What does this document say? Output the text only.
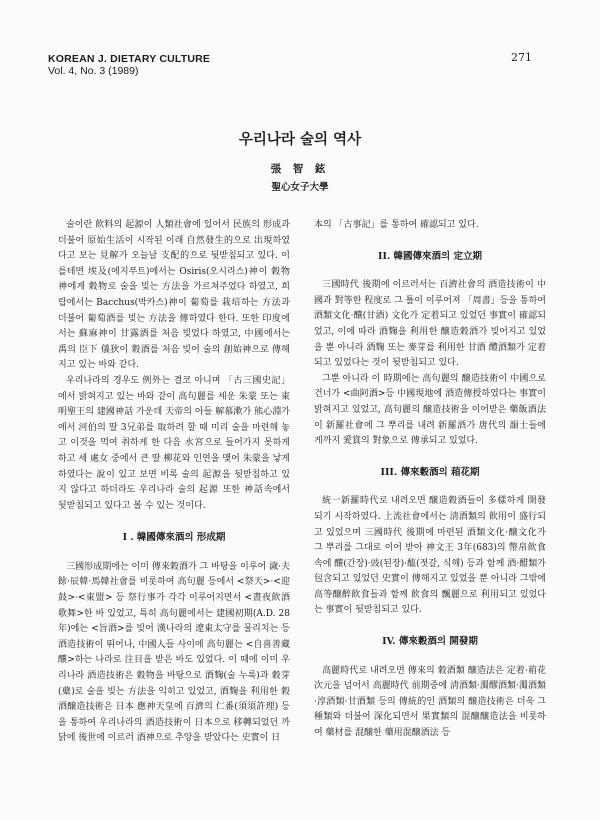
KOREAN J. DIETARY CULTURE
Vol. 4, No. 3 (1989)
271
우리나라 술의 역사
張 智 鉉
聖心女子大學

술이란 飮料의 起源이 人類社會에 있어서 民族의 形成과 더불어 原始生活이 시작된 이래 自然發生的으로 出現하였다고 보는 見解가 오늘날 支配的으로 뒷받침되고 있다. 이를테면 埃及(에지푸트)에서는 Osiris(오시리스)神이 穀物神에게 穀物로 술을 빚는 方法을 가르쳐주었다 하였고, 희랍에서는 Bacchus(박카스)神이 葡萄를 栽培하는 方法과 더불어 葡萄酒를 빚는 方法을 傳하였다 한다. 또한 印度에서는 蘇麻神이 甘露酒를 처음 빚었다 하였고, 中國에서는 禹의 臣下 儀狄이 穀酒를 처음 빚어 술의 創始神으로 傳해지고 있는 바와 같다.

우리나라의 경우도 例外는 결코 아니며 「古三國史記」에서 밝혀지고 있는 바와 같이 高句麗를 세운 朱蒙 또는 東明聖王의 建國神話 가운데 天帝의 아들 解慕漱가 熊心淵가에서 河伯의 딸 3兄弟를 取하려 할 때 미리 술을 마련해 놓고 이것을 먹여 취하게 한 다음 水宮으로 들어가지 못하게 하고 세 處女 중에서 큰 딸 柳花와 인연을 맺어 朱蒙을 낳게 하였다는 說이 있고 보면 비록 술의 起源을 뒷받침하고 있지 않다고 하더라도 우리나라 술의 起源 또한 神話속에서 뒷받침되고 있다고 볼 수 있는 것이다.

I . 韓國傳來酒의 形成期

三國形成期에는 이미 傳來穀酒가 그 바탕을 이루어 濊·夫餘·辰韓·馬韓社會를 비롯하여 高句麗 등에서 <祭天>·<迎鼓>·<東盟> 등 祭行事가 각각 이루어지면서 <晝夜飮酒歌舞>한 바 있었고, 특히 高句麗에서는 建國初期(A.D. 28年)에는 <旨酒>를 빚어 漢나라의 遼東太守를 물리치는 등 酒造技術이 뛰어나, 中國人들 사이에 高句麗는 <自喜善藏釀>하는 나라로 注目을 받은 바도 있었다. 이 때에 이미 우리나라 酒造技術은 穀物을 바탕으로 酒麴(술 누룩)과 穀芽(蘗)로 술을 빚는 方法을 익히고 있었고, 酒麴을 利用한 穀酒醸造技術은 日本 應神天皇에 百濟의 仁番(須須許理) 등을 통하여 우리나라의 酒造技術이 日本으로 移轉되었던 까닭에 後世에 이르러 酒神으로 추앙을 받았다는 史實이 日

本의 「古事記」를 통하여 確認되고 있다.

II. 韓國傳來酒의 定立期

三國時代 後期에 이르러서는 百濟社會의 酒造技術이 中國과 對等한 程度로 그 틀이 이루어져 「周書」등을 통하여 酒類文化·釀(甘酒) 文化가 定着되고 있었던 事實이 確認되었고, 이에 따라 酒麴을 利用한 醸造穀酒가 빚어지고 있었을 뿐 아니라 酒麴 또는 麥芽를 利用한 甘酒 醴酒類가 定着되고 있었다는 것이 뒷받침되고 있다.

그뿐 아니라 이 時期에는 高句麗의 醸造技術이 中國으로 건너가 <曲阿酒>등 中國現地에 酒造傳授하였다는 事實이 밝혀지고 있었고, 高句麗의 醸造技術을 이어받은 藥飯酒法이 新羅社會에 그 뿌리를 내려 新羅酒가 唐代의 韻士들에게까지 愛賞의 對象으로 傳承되고 있었다.

III. 傳來穀酒의 葙花期

統一新羅時代로 내려오면 醸造穀酒들이 多樣하게 開發되기 시작하였다. 上流社會에서는 淸酒類의 飮用이 盛行되고 있었으며 三國時代 後期에 마련된 酒類文化·醸文化가 그 뿌리를 그대로 이어 받아 神文王 3年(683)의 幣帛飮食속에 釀(간장)·豉(된장)·醢(젓갈, 식해) 등과 함께 酒·醋類가 包含되고 있었던 史實이 傳해지고 있었을 뿐 아니라 그밖에 高等醸醉飮食들과 함께 飮食의 飄麗으로 利用되고 있었다는 事實이 뒷받침되고 있다.

IV. 傳來穀酒의 開發期

高麗時代로 내려오면 傳來의 穀酒類 醸造法은 定着·葙花次元을 넘어서 高麗時代 前期중에 淸酒類·濁醪酒類·濁酒類·淳酒類·甘酒類 등의 傳統的인 酒類의 醸造技術은 더욱 그 種類와 더불어 深化되면서 果實類의 混醸醸造法을 비롯하여 藥材를 混醸한 藥用混醸酒法 등
